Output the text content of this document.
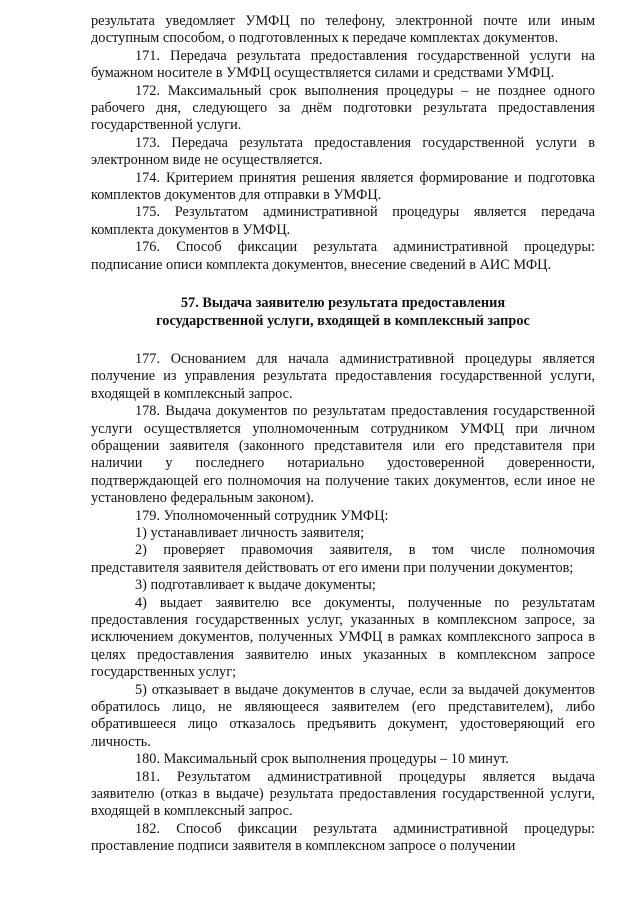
результата уведомляет УМФЦ по телефону, электронной почте или иным доступным способом, о подготовленных к передаче комплектах документов.

171. Передача результата предоставления государственной услуги на бумажном носителе в УМФЦ осуществляется силами и средствами УМФЦ.

172. Максимальный срок выполнения процедуры – не позднее одного рабочего дня, следующего за днём подготовки результата предоставления государственной услуги.

173. Передача результата предоставления государственной услуги в электронном виде не осуществляется.

174. Критерием принятия решения является формирование и подготовка комплектов документов для отправки в УМФЦ.

175. Результатом административной процедуры является передача комплекта документов в УМФЦ.

176. Способ фиксации результата административной процедуры: подписание описи комплекта документов, внесение сведений в АИС МФЦ.

57. Выдача заявителю результата предоставления
государственной услуги, входящей в комплексный запрос

177. Основанием для начала административной процедуры является получение из управления результата предоставления государственной услуги, входящей в комплексный запрос.

178. Выдача документов по результатам предоставления государственной услуги осуществляется уполномоченным сотрудником УМФЦ при личном обращении заявителя (законного представителя или его представителя при наличии у последнего нотариально удостоверенной доверенности, подтверждающей его полномочия на получение таких документов, если иное не установлено федеральным законом).

179. Уполномоченный сотрудник УМФЦ:

1) устанавливает личность заявителя;

2) проверяет правомочия заявителя, в том числе полномочия представителя заявителя действовать от его имени при получении документов;

3) подготавливает к выдаче документы;

4) выдает заявителю все документы, полученные по результатам предоставления государственных услуг, указанных в комплексном запросе, за исключением документов, полученных УМФЦ в рамках комплексного запроса в целях предоставления заявителю иных указанных в комплексном запросе государственных услуг;

5) отказывает в выдаче документов в случае, если за выдачей документов обратилось лицо, не являющееся заявителем (его представителем), либо обратившееся лицо отказалось предъявить документ, удостоверяющий его личность.

180. Максимальный срок выполнения процедуры – 10 минут.

181. Результатом административной процедуры является выдача заявителю (отказ в выдаче) результата предоставления государственной услуги, входящей в комплексный запрос.

182. Способ фиксации результата административной процедуры: проставление подписи заявителя в комплексном запросе о получении
